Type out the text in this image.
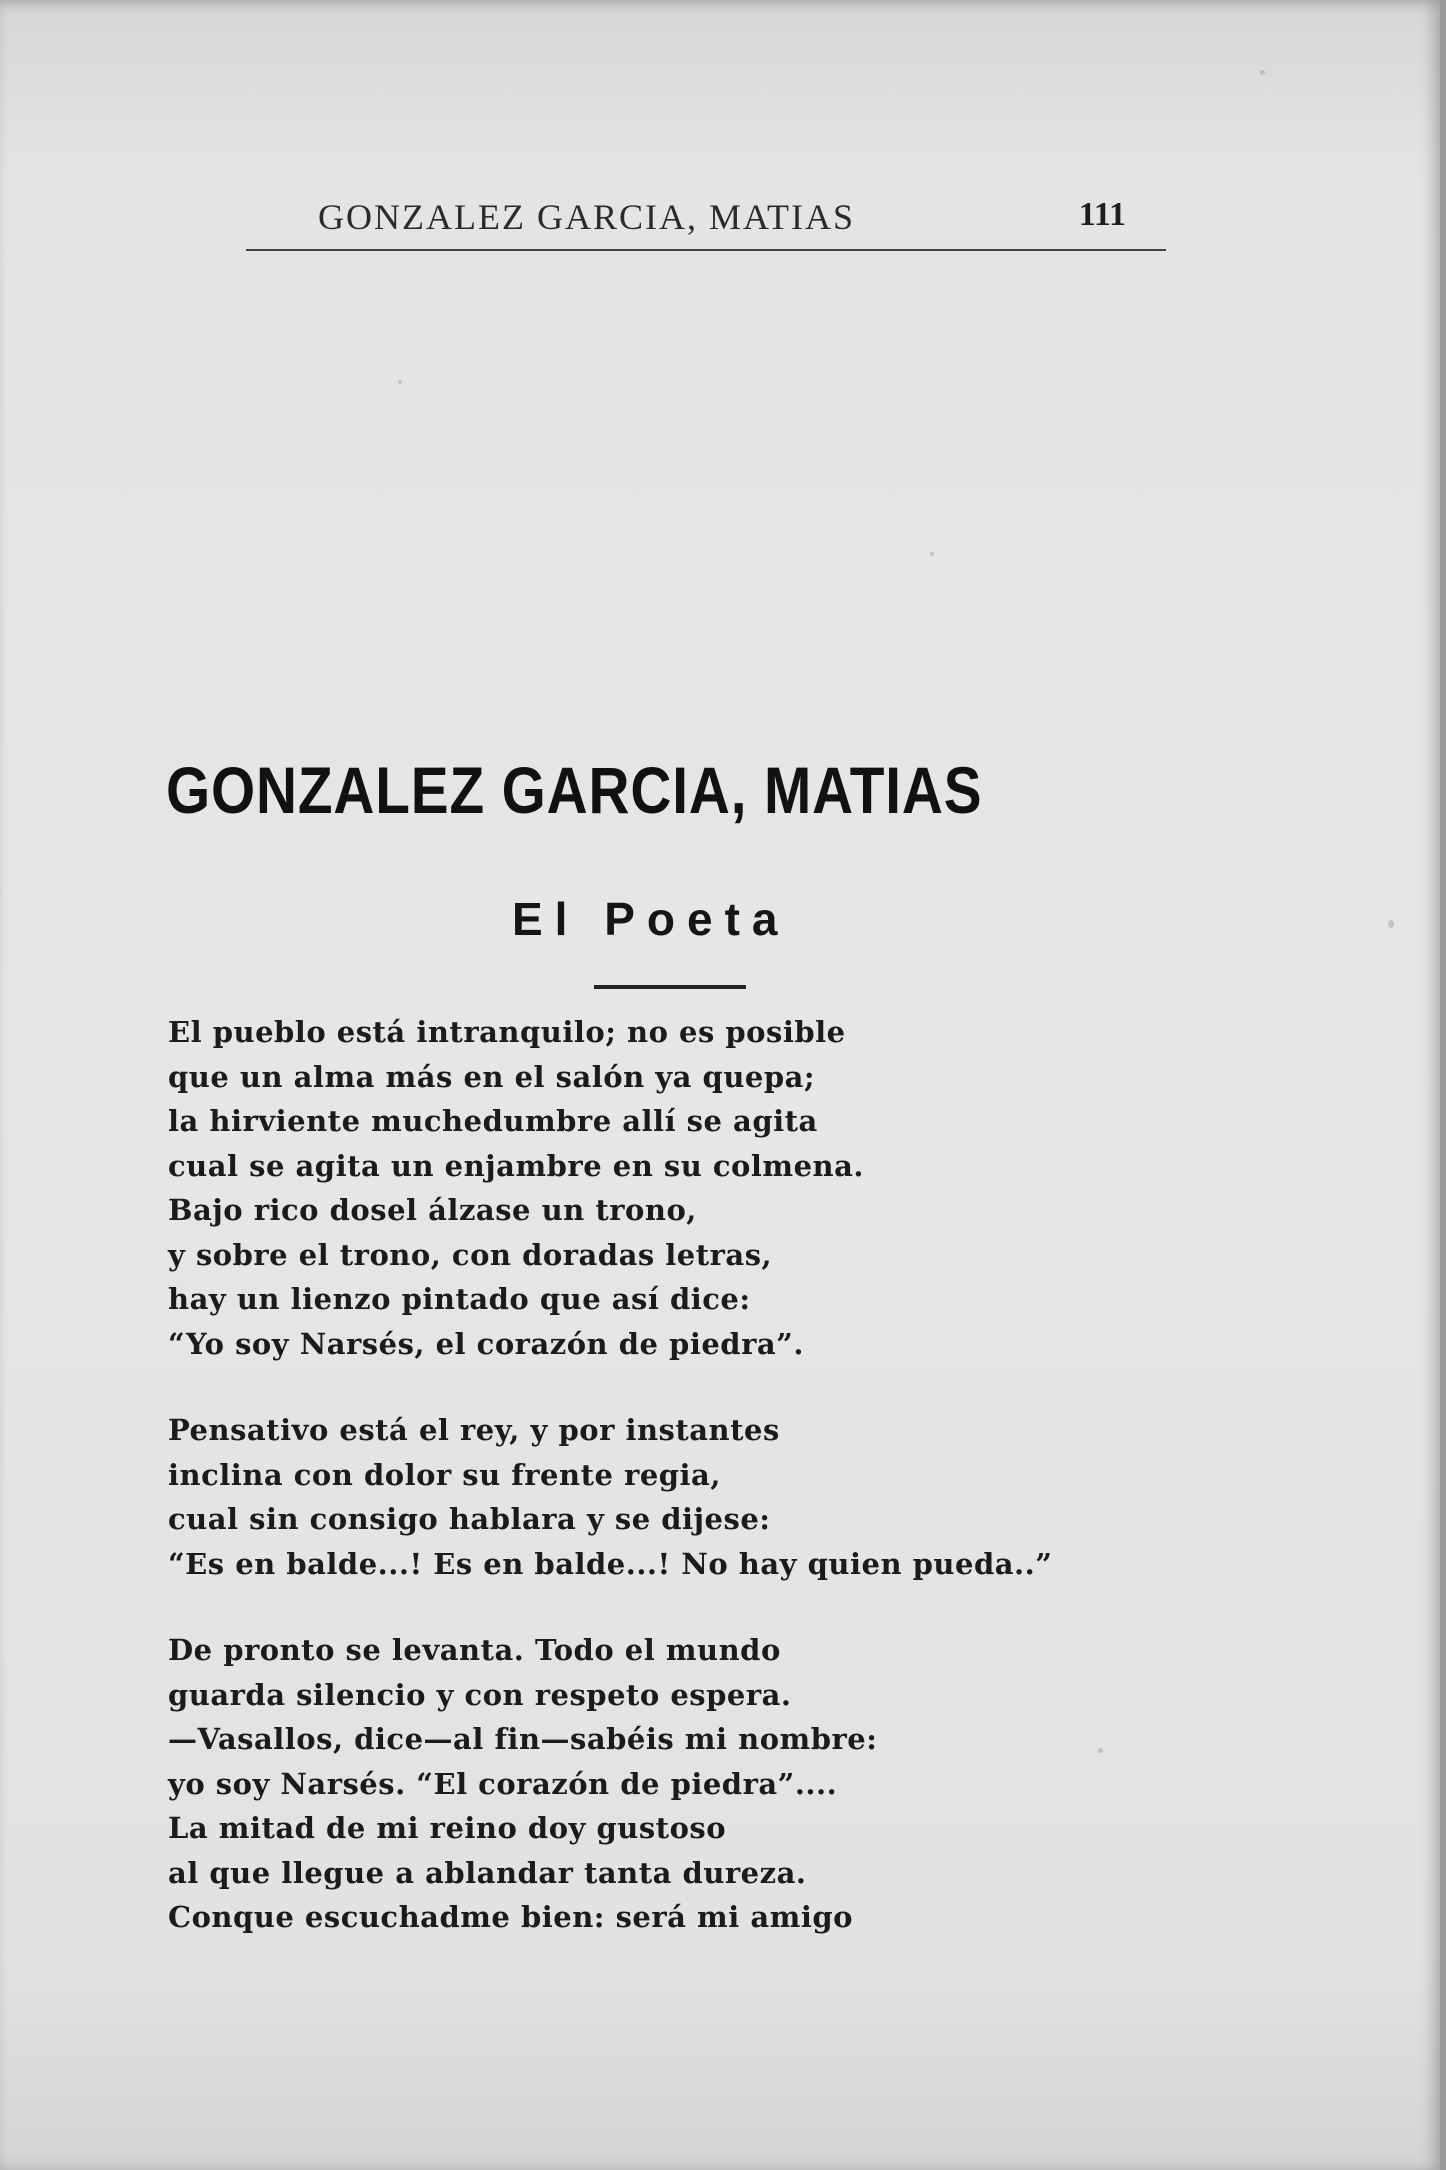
GONZALEZ GARCIA, MATIAS	111
GONZALEZ GARCIA, MATIAS
El Poeta
El pueblo está intranquilo; no es posible
que un alma más en el salón ya quepa;
la hirviente muchedumbre allí se agita
cual se agita un enjambre en su colmena.
Bajo rico dosel álzase un trono,
y sobre el trono, con doradas letras,
hay un lienzo pintado que así dice:
“Yo soy Narsés, el corazón de piedra”.
Pensativo está el rey, y por instantes
inclina con dolor su frente regia,
cual sin consigo hablara y se dijese:
“Es en balde...! Es en balde...! No hay quien pueda..”
De pronto se levanta. Todo el mundo
guarda silencio y con respeto espera.
—Vasallos, dice—al fin—sabéis mi nombre:
yo soy Narsés. “El corazón de piedra”....
La mitad de mi reino doy gustoso
al que llegue a ablandar tanta dureza.
Conque escuchadme bien: será mi amigo
